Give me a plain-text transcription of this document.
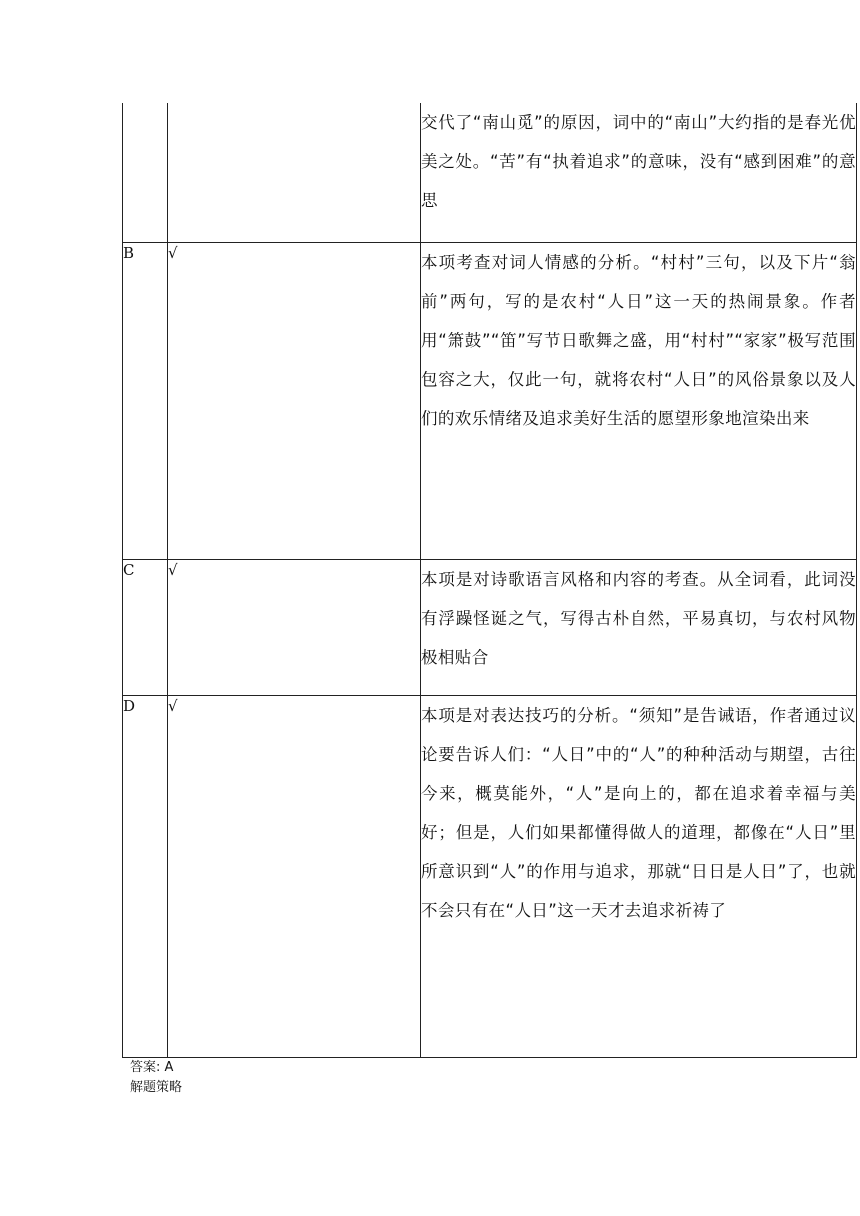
		交代了“南山觅”的原因，词中的“南山”大约指的是春光优美之处。“苦”有“执着追求”的意味，没有“感到困难”的意思
B	√	本项考查对词人情感的分析。“村村”三句，以及下片“翁前”两句，写的是农村“人日”这一天的热闹景象。作者用“箫鼓”“笛”写节日歌舞之盛，用“村村”“家家”极写范围包容之大，仅此一句，就将农村“人日”的风俗景象以及人们的欢乐情绪及追求美好生活的愿望形象地渲染出来
C	√	本项是对诗歌语言风格和内容的考查。从全词看，此词没有浮躁怪诞之气，写得古朴自然，平易真切，与农村风物极相贴合
D	√	本项是对表达技巧的分析。“须知”是告诫语，作者通过议论要告诉人们：“人日”中的“人”的种种活动与期望，古往今来，概莫能外，“人”是向上的，都在追求着幸福与美好；但是，人们如果都懂得做人的道理，都像在“人日”里所意识到“人”的作用与追求，那就“日日是人日”了，也就不会只有在“人日”这一天才去追求祈祷了
答案: A
解题策略
